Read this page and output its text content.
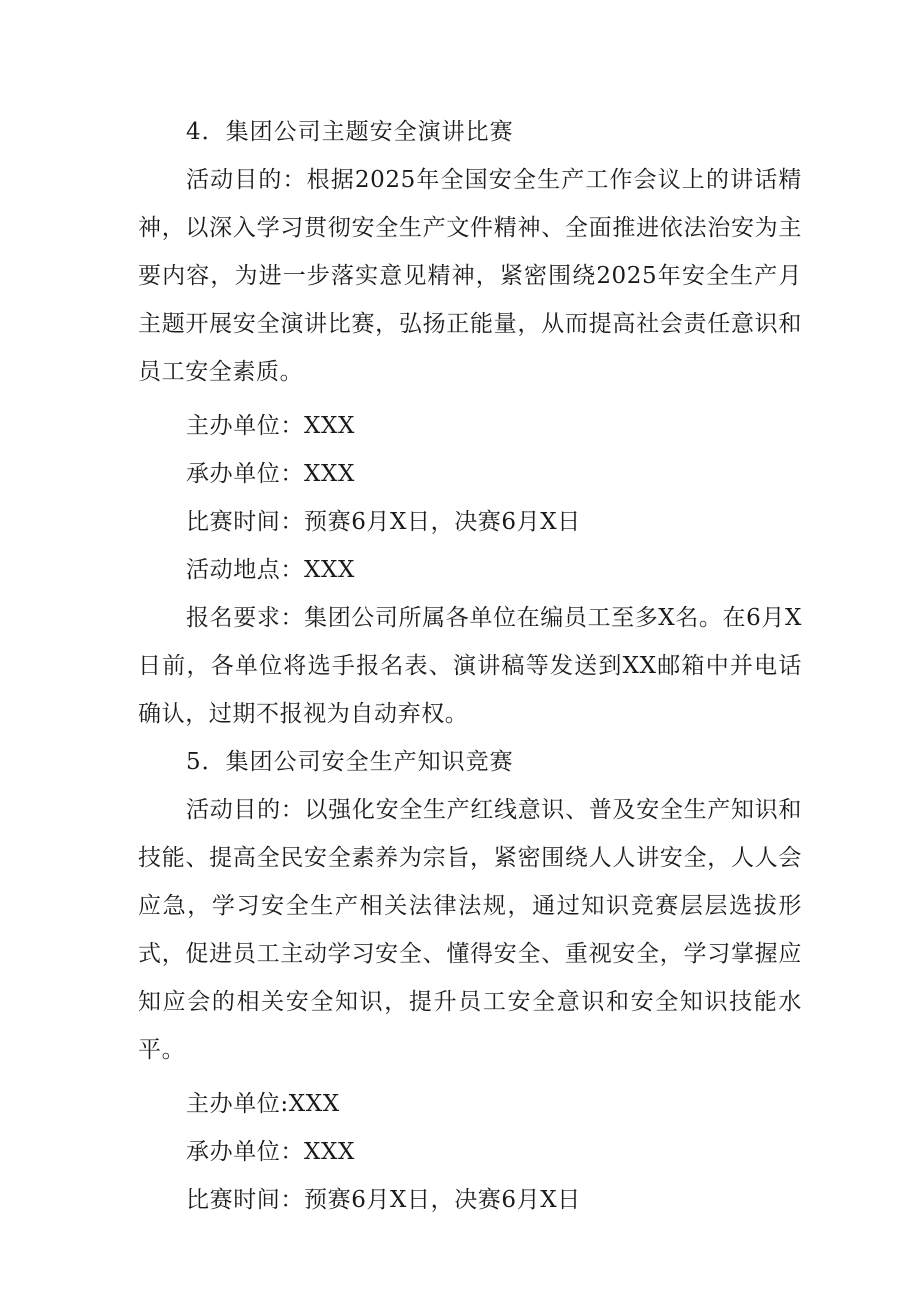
4．集团公司主题安全演讲比赛

活动目的：根据2025年全国安全生产工作会议上的讲话精神，以深入学习贯彻安全生产文件精神、全面推进依法治安为主要内容，为进一步落实意见精神，紧密围绕2025年安全生产月主题开展安全演讲比赛，弘扬正能量，从而提高社会责任意识和员工安全素质。

主办单位：XXX

承办单位：XXX

比赛时间：预赛6月X日，决赛6月X日

活动地点：XXX

报名要求：集团公司所属各单位在编员工至多X名。在6月X日前，各单位将选手报名表、演讲稿等发送到XX邮箱中并电话确认，过期不报视为自动弃权。

5．集团公司安全生产知识竞赛

活动目的：以强化安全生产红线意识、普及安全生产知识和技能、提高全民安全素养为宗旨，紧密围绕人人讲安全，人人会应急，学习安全生产相关法律法规，通过知识竞赛层层选拔形式，促进员工主动学习安全、懂得安全、重视安全，学习掌握应知应会的相关安全知识，提升员工安全意识和安全知识技能水平。

主办单位:XXX

承办单位：XXX

比赛时间：预赛6月X日，决赛6月X日
